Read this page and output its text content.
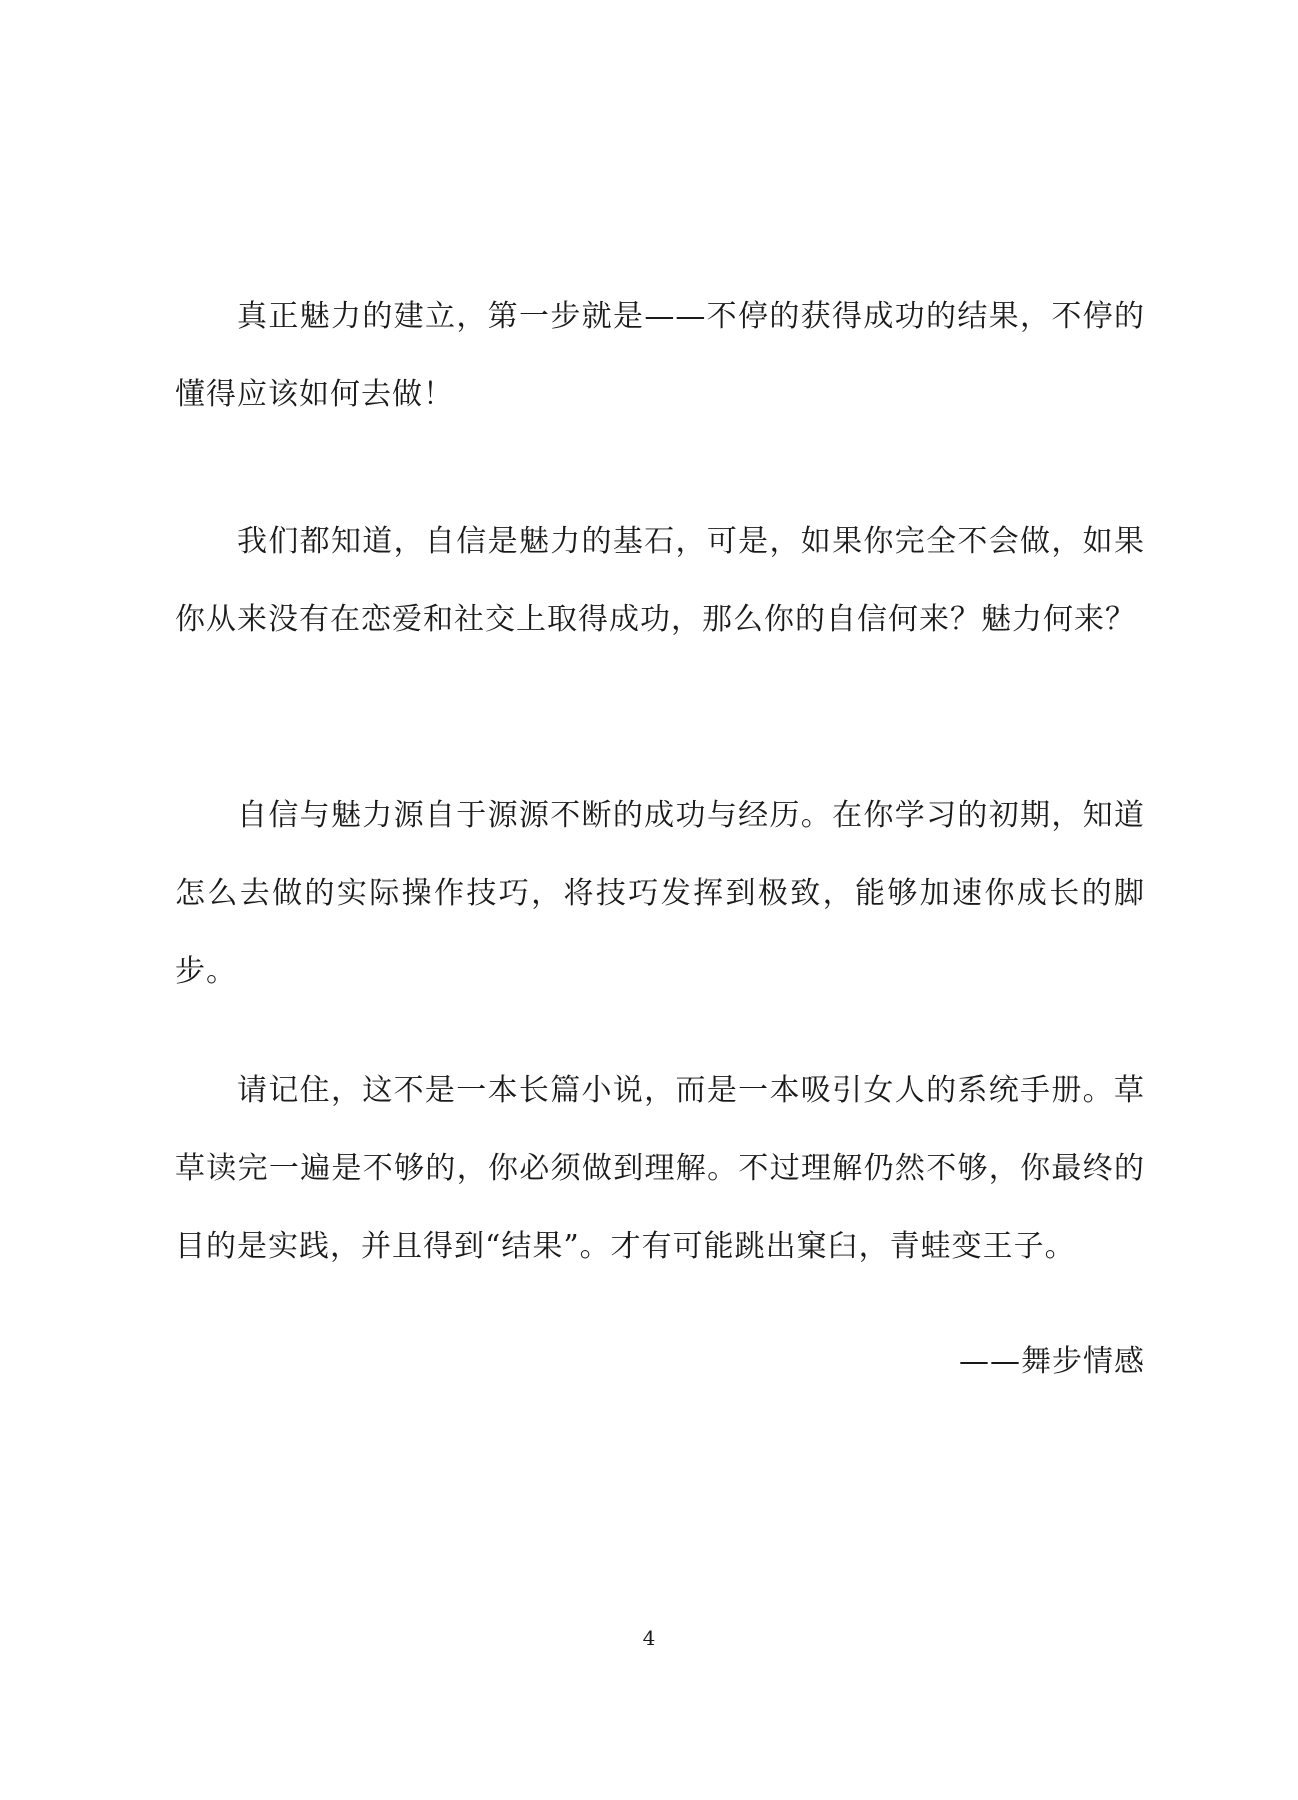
真正魅力的建立，第一步就是——不停的获得成功的结果，不停的懂得应该如何去做！

我们都知道，自信是魅力的基石，可是，如果你完全不会做，如果你从来没有在恋爱和社交上取得成功，那么你的自信何来？魅力何来？

自信与魅力源自于源源不断的成功与经历。在你学习的初期，知道怎么去做的实际操作技巧，将技巧发挥到极致，能够加速你成长的脚步。

请记住，这不是一本长篇小说，而是一本吸引女人的系统手册。草草读完一遍是不够的，你必须做到理解。不过理解仍然不够，你最终的目的是实践，并且得到“结果”。才有可能跳出窠臼，青蛙变王子。

——舞步情感
4
